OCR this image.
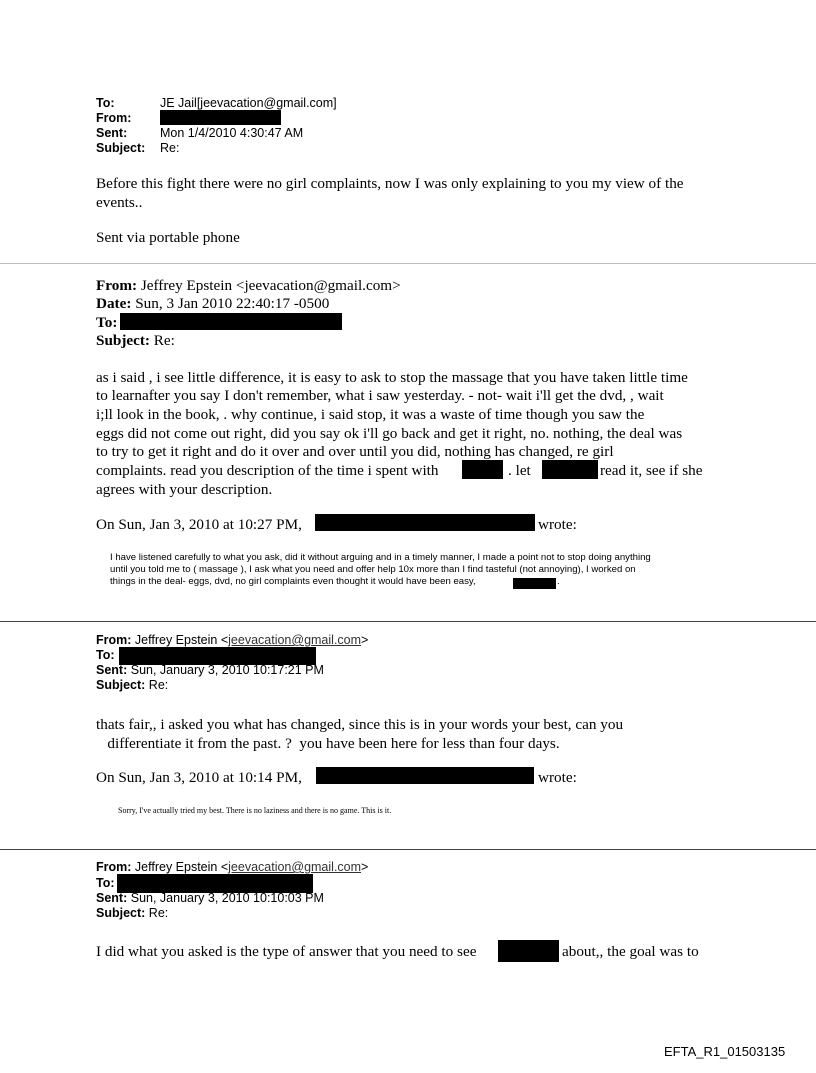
To:	JE Jail[jeevacation@gmail.com]
From:
Sent:	Mon 1/4/2010 4:30:47 AM
Subject: Re:
Before this fight there were no girl complaints, now I was only explaining to you my view of the
events..
Sent via portable phone
From: Jeffrey Epstein <jeevacation@gmail.com>
Date: Sun, 3 Jan 2010 22:40:17 -0500
To:
Subject: Re:
as i said , i see little difference, it is easy to ask to stop the massage that you have taken little time
to learnafter you say I don't remember, what i saw yesterday. - not- wait i'll get the dvd, , wait
i;ll look in the book, . why continue, i said stop, it was a waste of time though you saw the
eggs did not come out right, did you say ok i'll go back and get it right, no. nothing, the deal was
to try to get it right and do it over and over until you did, nothing has changed, re girl
complaints. read you description of the time i spent with	. let	read it, see if she
agrees with your description.
On Sun, Jan 3, 2010 at 10:27 PM,	wrote:
I have listened carefully to what you ask, did it without arguing and in a timely manner, I made a point not to stop doing anything
until you told me to ( massage ), I ask what you need and offer help 10x more than I find tasteful (not annoying), I worked on
things in the deal- eggs, dvd, no girl complaints even thought it would have been easy,	.
From: Jeffrey Epstein <jeevacation@gmail.com>
To:
Sent: Sun, January 3, 2010 10:17:21 PM
Subject: Re:
thats fair,, i asked you what has changed, since this is in your words your best, can you
differentiate it from the past. ?  you have been here for less than four days.
On Sun, Jan 3, 2010 at 10:14 PM,	wrote:
Sorry, I've actually tried my best. There is no laziness and there is no game. This is it.
From: Jeffrey Epstein <jeevacation@gmail.com>
To:
Sent: Sun, January 3, 2010 10:10:03 PM
Subject: Re:
I did what you asked is the type of answer that you need to see	about,, the goal was to
EFTA_R1_01503135
